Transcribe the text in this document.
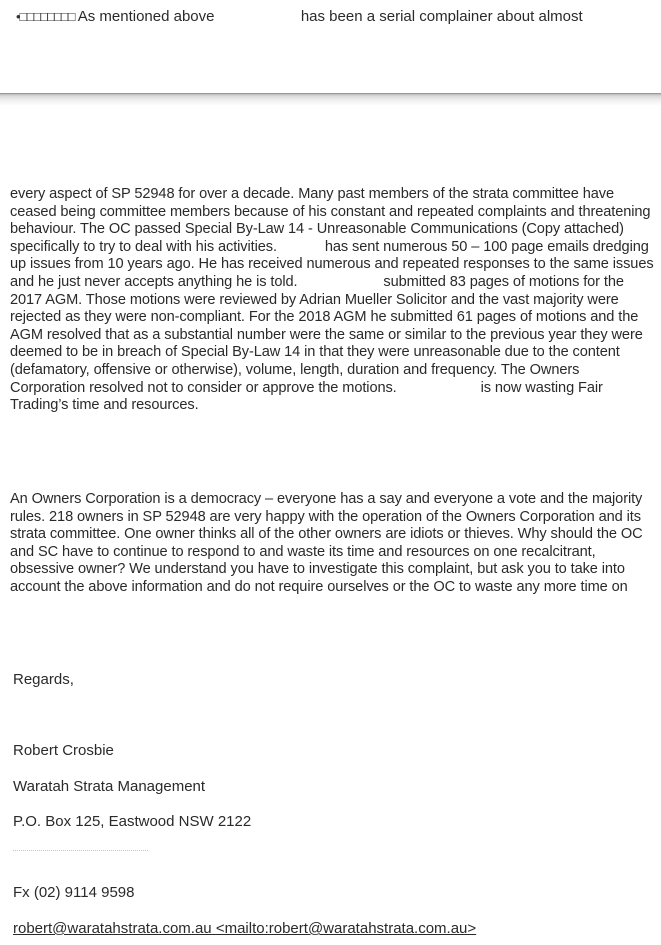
•□□□□□□□□ As mentioned above	has been a serial complainer about almost

every aspect of SP 52948 for over a decade. Many past members of the strata committee have ceased being committee members because of his constant and repeated complaints and threatening behaviour. The OC passed Special By-Law 14 - Unreasonable Communications (Copy attached) specifically to try to deal with his activities.	has sent numerous 50 – 100 page emails dredging up issues from 10 years ago. He has received numerous and repeated responses to the same issues and he just never accepts anything he is told.	submitted 83 pages of motions for the 2017 AGM. Those motions were reviewed by Adrian Mueller Solicitor and the vast majority were rejected as they were non-compliant. For the 2018 AGM he submitted 61 pages of motions and the AGM resolved that as a substantial number were the same or similar to the previous year they were deemed to be in breach of Special By-Law 14 in that they were unreasonable due to the content (defamatory, offensive or otherwise), volume, length, duration and frequency. The Owners Corporation resolved not to consider or approve the motions.	is now wasting Fair Trading’s time and resources.

An Owners Corporation is a democracy – everyone has a say and everyone a vote and the majority rules. 218 owners in SP 52948 are very happy with the operation of the Owners Corporation and its strata committee. One owner thinks all of the other owners are idiots or thieves. Why should the OC and SC have to continue to respond to and waste its time and resources on one recalcitrant, obsessive owner? We understand you have to investigate this complaint, but ask you to take into account the above information and do not require ourselves or the OC to waste any more time on

Regards,
Robert Crosbie
Waratah Strata Management
P.O. Box 125, Eastwood NSW 2122
Fx (02) 9114 9598
robert@waratahstrata.com.au <mailto:robert@waratahstrata.com.au>
